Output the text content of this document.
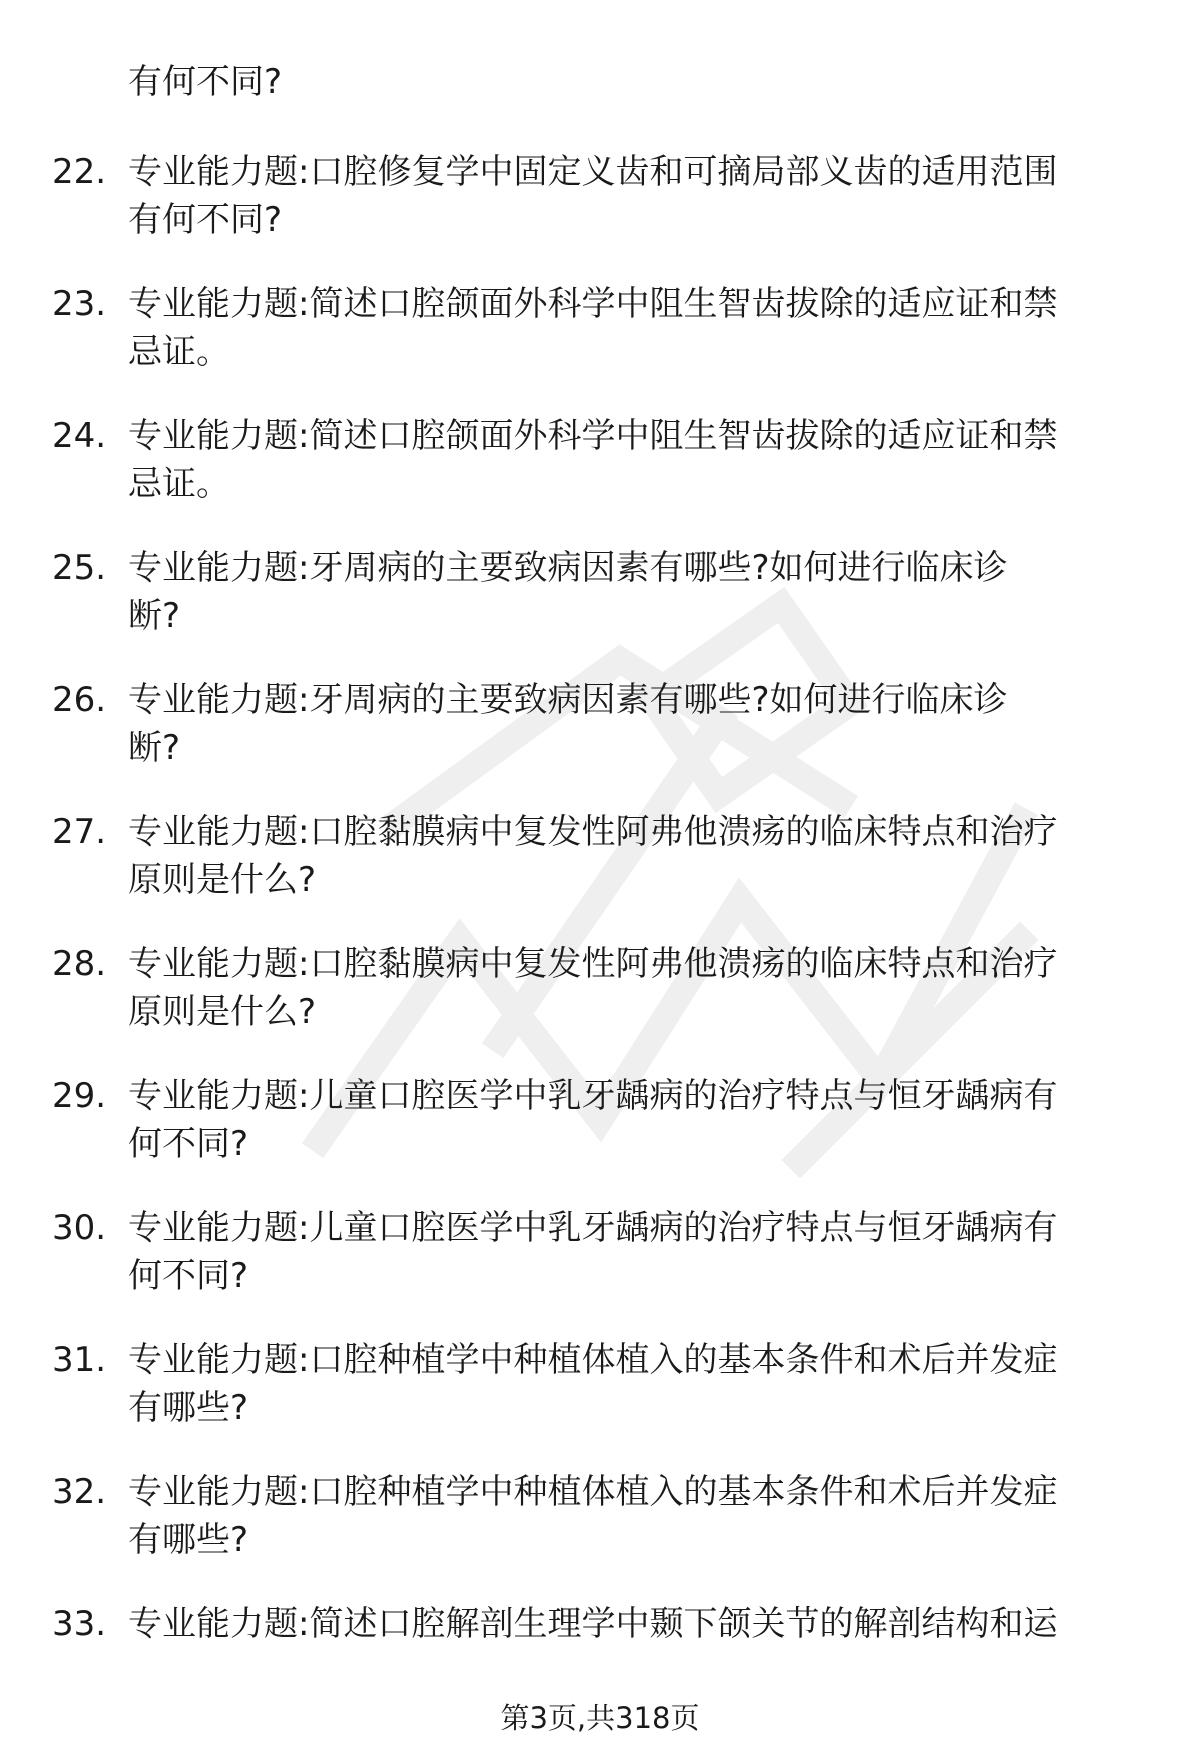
有何不同?
22. 专业能力题:口腔修复学中固定义齿和可摘局部义齿的适用范围
有何不同?
23. 专业能力题:简述口腔颌面外科学中阻生智齿拔除的适应证和禁
忌证。
24. 专业能力题:简述口腔颌面外科学中阻生智齿拔除的适应证和禁
忌证。
25. 专业能力题:牙周病的主要致病因素有哪些?如何进行临床诊
断?
26. 专业能力题:牙周病的主要致病因素有哪些?如何进行临床诊
断?
27. 专业能力题:口腔黏膜病中复发性阿弗他溃疡的临床特点和治疗
原则是什么?
28. 专业能力题:口腔黏膜病中复发性阿弗他溃疡的临床特点和治疗
原则是什么?
29. 专业能力题:儿童口腔医学中乳牙龋病的治疗特点与恒牙龋病有
何不同?
30. 专业能力题:儿童口腔医学中乳牙龋病的治疗特点与恒牙龋病有
何不同?
31. 专业能力题:口腔种植学中种植体植入的基本条件和术后并发症
有哪些?
32. 专业能力题:口腔种植学中种植体植入的基本条件和术后并发症
有哪些?
33. 专业能力题:简述口腔解剖生理学中颞下颌关节的解剖结构和运
第3页,共318页
